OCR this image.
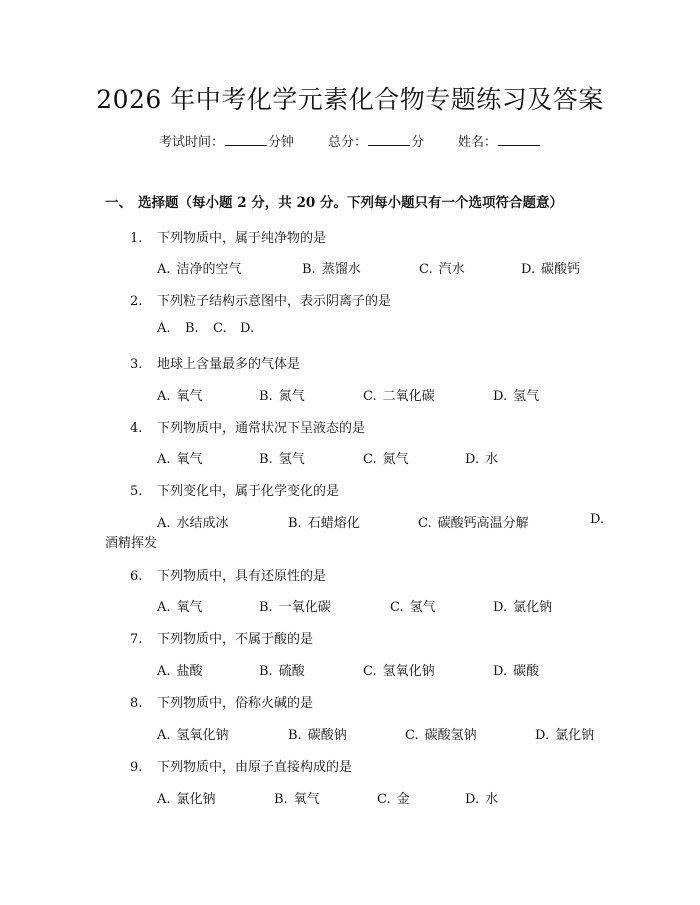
2026 年中考化学元素化合物专题练习及答案
考试时间：	分钟	总分：	分	姓名：
一、 选择题（每小题 2 分，共 20 分。下列每小题只有一个选项符合题意）
1. 下列物质中，属于纯净物的是
A. 洁净的空气	B. 蒸馏水	C. 汽水	D. 碳酸钙
2. 下列粒子结构示意图中，表示阴离子的是
A. B. C. D.
3. 地球上含量最多的气体是
A. 氧气	B. 氮气	C. 二氧化碳	D. 氢气
4. 下列物质中，通常状况下呈液态的是
A. 氧气	B. 氢气	C. 氮气	D. 水
5. 下列变化中，属于化学变化的是
A. 水结成冰	B. 石蜡熔化	C. 碳酸钙高温分解	D.
酒精挥发
6. 下列物质中，具有还原性的是
A. 氧气	B. 一氧化碳	C. 氢气	D. 氯化钠
7. 下列物质中，不属于酸的是
A. 盐酸	B. 硫酸	C. 氢氧化钠	D. 碳酸
8. 下列物质中，俗称火碱的是
A. 氢氧化钠	B. 碳酸钠	C. 碳酸氢钠	D. 氯化钠
9. 下列物质中，由原子直接构成的是
A. 氯化钠	B. 氧气	C. 金	D. 水
